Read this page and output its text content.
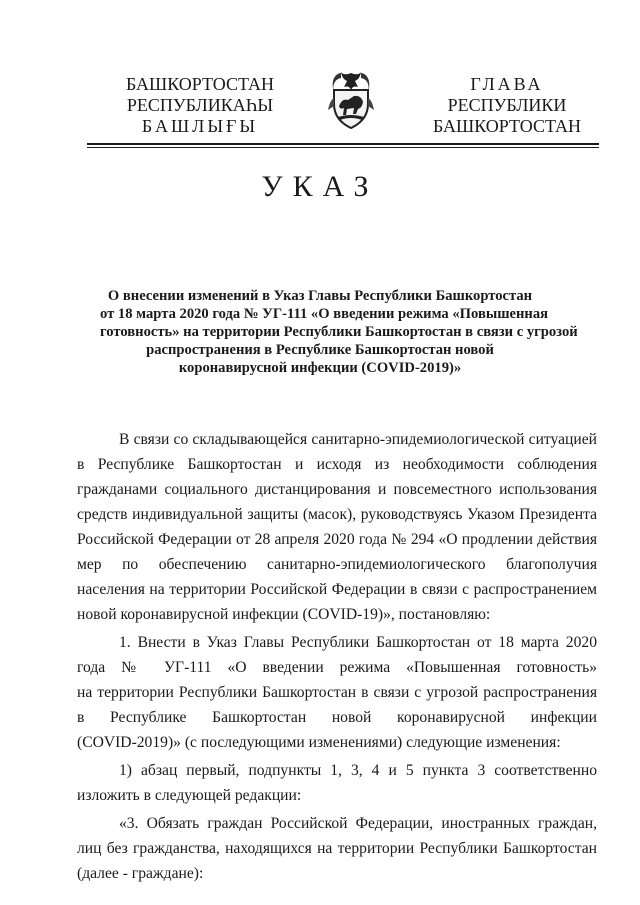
БАШКОРТОСТАН
РЕСПУБЛИКАҺЫ
БАШЛЫҒЫ
ГЛАВА
РЕСПУБЛИКИ
БАШКОРТОСТАН
УКАЗ
О внесении изменений в Указ Главы Республики Башкортостан
от 18 марта 2020 года № УГ-111 «О введении режима «Повышенная
готовность» на территории Республики Башкортостан в связи с угрозой
распространения в Республике Башкортостан новой
коронавирусной инфекции (COVID-2019)»
В связи со складывающейся санитарно-эпидемиологической ситуацией
в Республике Башкортостан и исходя из необходимости соблюдения
гражданами социального дистанцирования и повсеместного использования
средств индивидуальной защиты (масок), руководствуясь Указом Президента
Российской Федерации от 28 апреля 2020 года № 294 «О продлении действия
мер по обеспечению санитарно-эпидемиологического благополучия
населения на территории Российской Федерации в связи с распространением
новой коронавирусной инфекции (COVID-19)», постановляю:
1. Внести в Указ Главы Республики Башкортостан от 18 марта 2020
года № УГ-111 «О введении режима «Повышенная готовность»
на территории Республики Башкортостан в связи с угрозой распространения
в Республике Башкортостан новой коронавирусной инфекции
(COVID-2019)» (с последующими изменениями) следующие изменения:
1) абзац первый, подпункты 1, 3, 4 и 5 пункта 3 соответственно
изложить в следующей редакции:
«3. Обязать граждан Российской Федерации, иностранных граждан,
лиц без гражданства, находящихся на территории Республики Башкортостан
(далее - граждане):
